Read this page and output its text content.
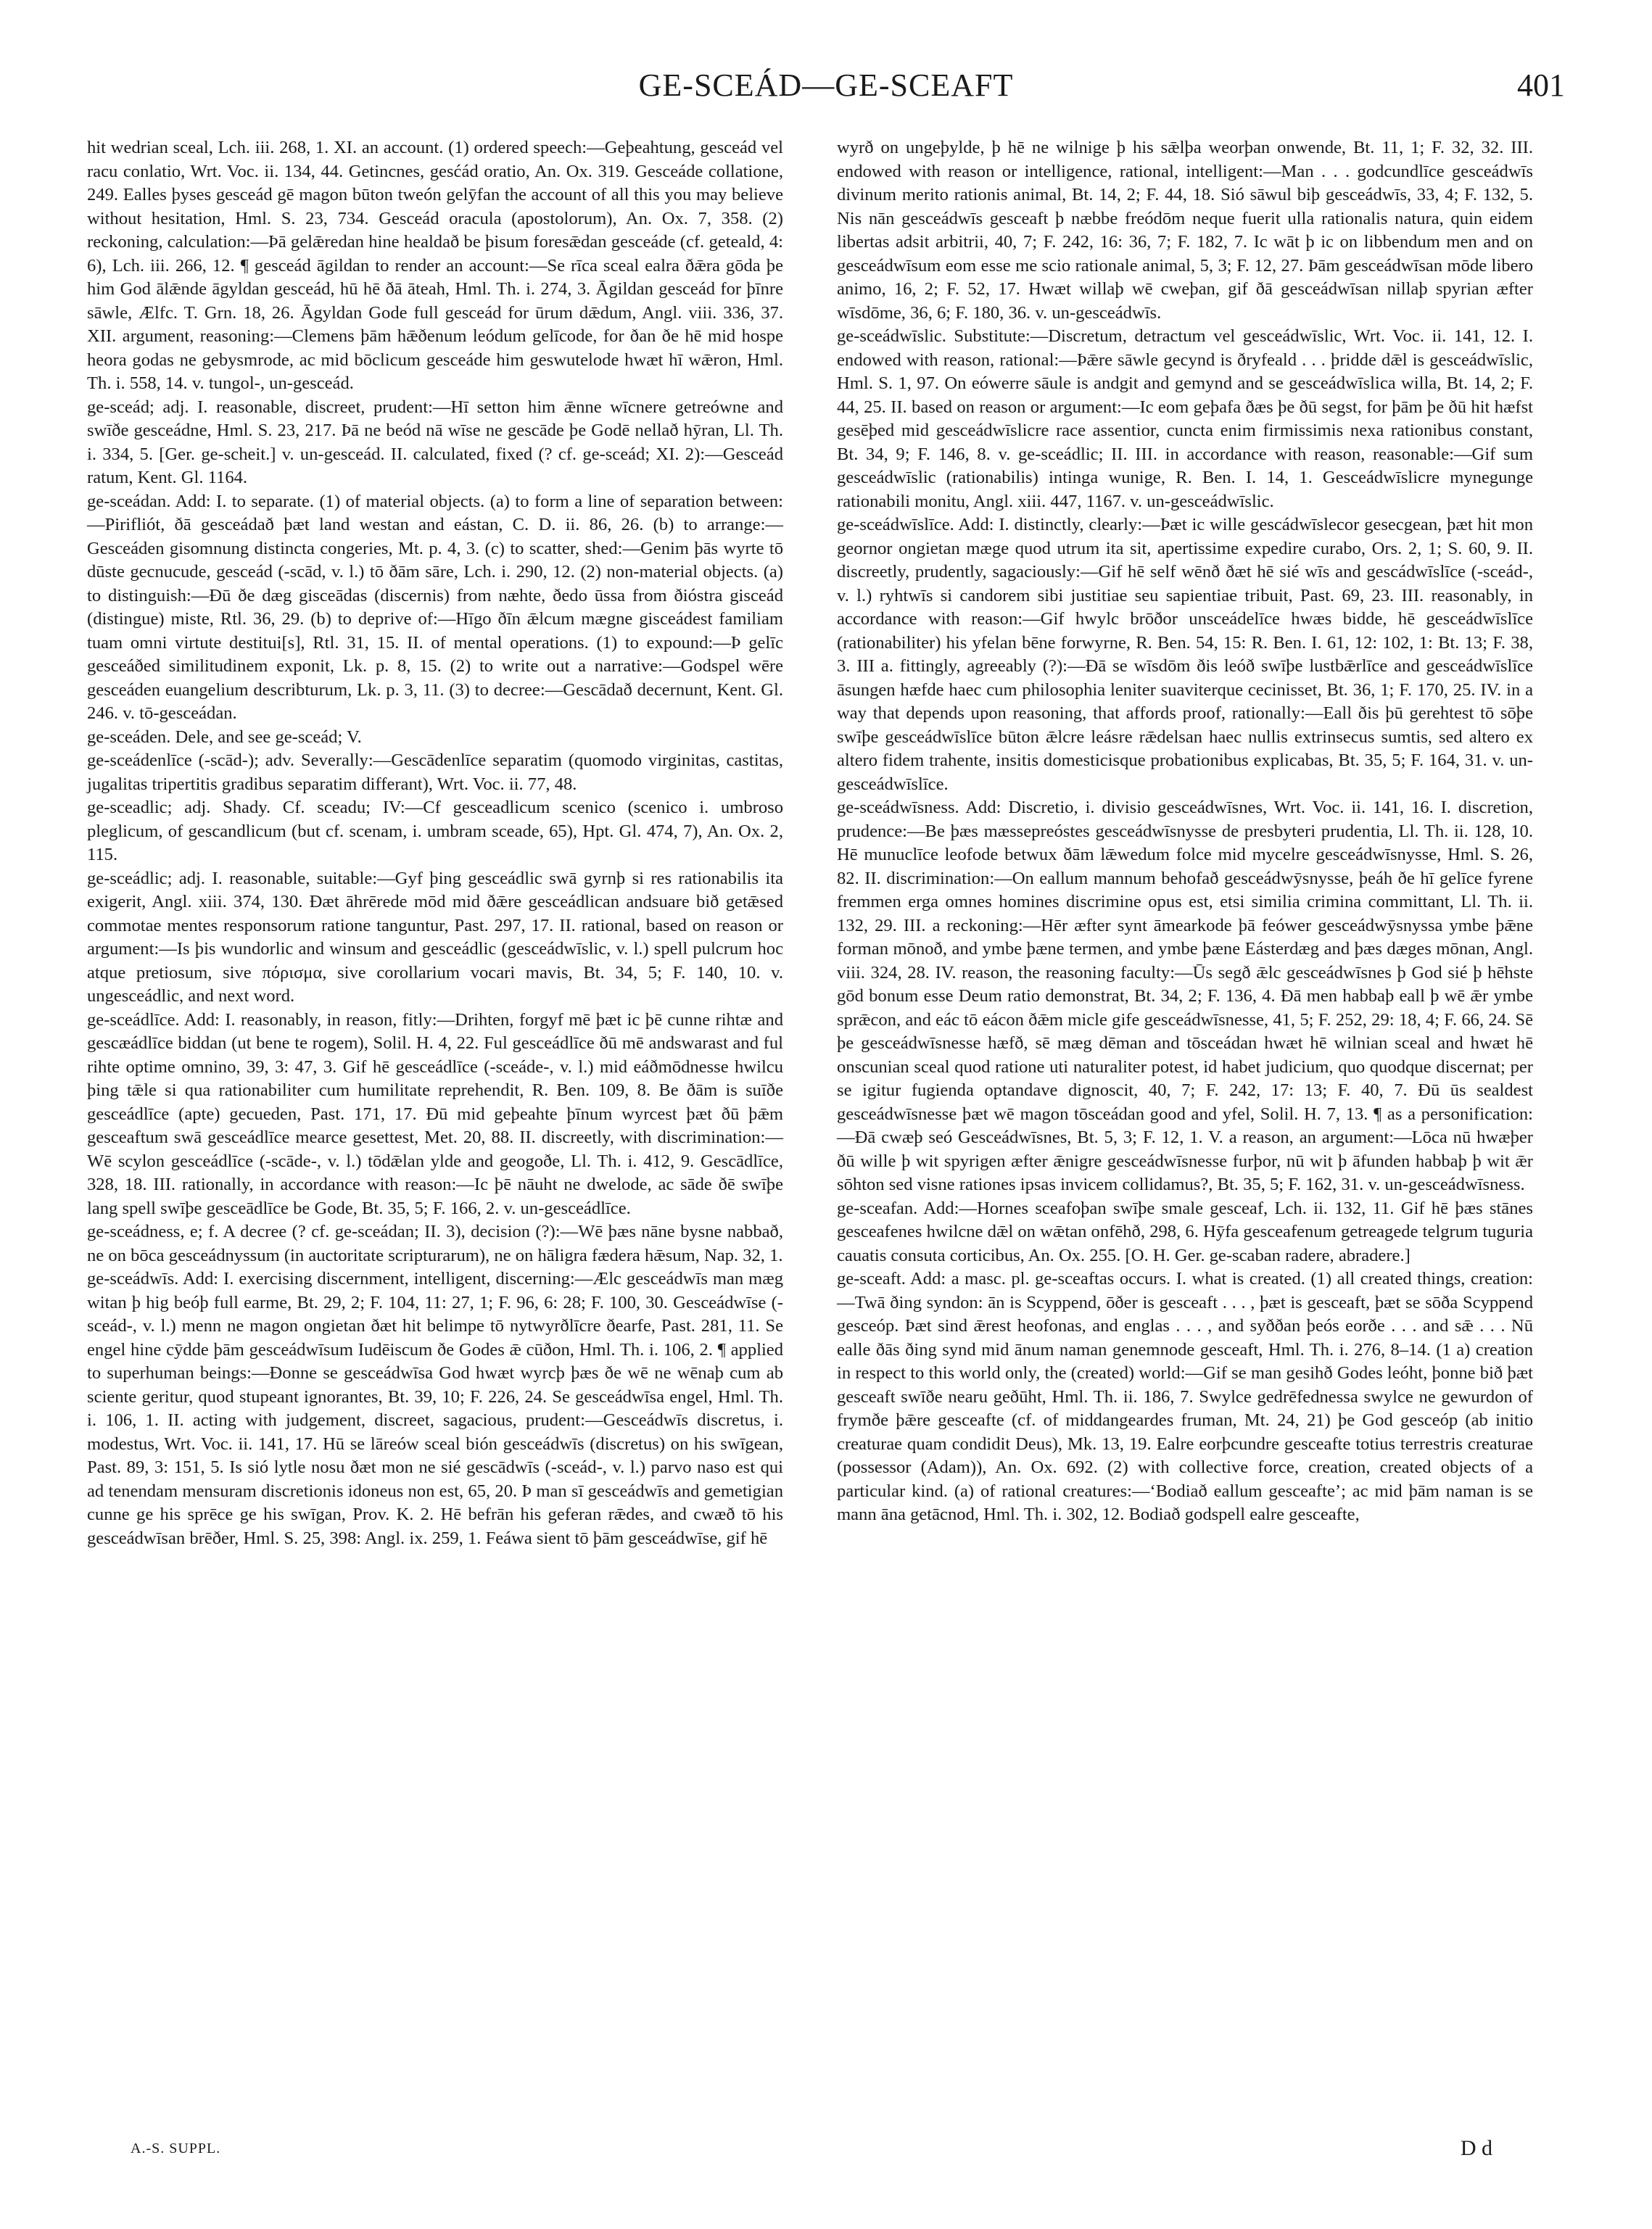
GE-SCEÁD—GE-SCEAFT	401

hit wedrian sceal, Lch. iii. 268, 1. XI. an account. (1) ordered speech:—Geþeahtung, gesceád vel racu conlatio, Wrt. Voc. ii. 134, 44. Getincnes, gesćád oratio, An. Ox. 319. Gesceáde collatione, 249. Ealles þyses gesceád gē magon būton tweón gelȳfan the account of all this you may believe without hesitation, Hml. S. 23, 734. Gesceád oracula (apostolorum), An. Ox. 7, 358. (2) reckoning, calculation:—Þā gelǣredan hine healdað be þisum foresǣdan gesceáde (cf. geteald, 4: 6), Lch. iii. 266, 12. ¶ gesceád āgildan to render an account:—Se rīca sceal ealra ðǣra gōda þe him God ālǣnde āgyldan gesceád, hū hē ðā āteah, Hml. Th. i. 274, 3. Āgildan gesceád for þīnre sāwle, Ælfc. T. Grn. 18, 26. Āgyldan Gode full gesceád for ūrum dǣdum, Angl. viii. 336, 37. XII. argument, reasoning:—Clemens þām hǣðenum leódum gelīcode, for ðan ðe hē mid hospe heora godas ne gebysmrode, ac mid bōclicum gesceáde him geswutelode hwæt hī wǣron, Hml. Th. i. 558, 14. v. tungol-, un-gesceád.

ge-sceád; adj. I. reasonable, discreet, prudent:—Hī setton him ǣnne wīcnere getreówne and swīðe gesceádne, Hml. S. 23, 217. Þā ne beód nā wīse ne gescāde þe Godē nellað hȳran, Ll. Th. i. 334, 5. [Ger. ge-scheit.] v. un-gesceád. II. calculated, fixed (? cf. ge-sceád; XI. 2):—Gesceád ratum, Kent. Gl. 1164.

ge-sceádan. Add: I. to separate. (1) of material objects. (a) to form a line of separation between:—Pirifliót, ðā gesceádað þæt land westan and eástan, C. D. ii. 86, 26. (b) to arrange:—Gesceáden gisomnung distincta congeries, Mt. p. 4, 3. (c) to scatter, shed:—Genim þās wyrte tō dūste gecnucude, gesceád (-scād, v. l.) tō ðām sāre, Lch. i. 290, 12. (2) non-material objects. (a) to distinguish:—Ðū ðe dæg gisceādas (discernis) from næhte, ðedo ūssa from ðióstra gisceád (distingue) miste, Rtl. 36, 29. (b) to deprive of:—Hīgo ðīn ǣlcum mægne gisceádest familiam tuam omni virtute destitui[s], Rtl. 31, 15. II. of mental operations. (1) to expound:—Þ gelīc gesceáðed similitudinem exponit, Lk. p. 8, 15. (2) to write out a narrative:—Godspel wēre gesceáden euangelium describturum, Lk. p. 3, 11. (3) to decree:—Gescādað decernunt, Kent. Gl. 246. v. tō-gesceádan.

ge-sceáden. Dele, and see ge-sceád; V.

ge-sceádenlīce (-scād-); adv. Severally:—Gescādenlīce separatim (quomodo virginitas, castitas, jugalitas tripertitis gradibus separatim differant), Wrt. Voc. ii. 77, 48.

ge-sceadlic; adj. Shady. Cf. sceadu; IV:—Cf gesceadlicum scenico (scenico i. umbroso pleglicum, of gescandlicum (but cf. scenam, i. umbram sceade, 65), Hpt. Gl. 474, 7), An. Ox. 2, 115.

ge-sceádlic; adj. I. reasonable, suitable:—Gyf þing gesceádlic swā gyrnþ si res rationabilis ita exigerit, Angl. xiii. 374, 130. Ðæt āhrērede mōd mid ðǣre gesceádlican andsuare bið getǣsed commotae mentes responsorum ratione tanguntur, Past. 297, 17. II. rational, based on reason or argument:—Is þis wundorlic and winsum and gesceádlic (gesceádwīslic, v. l.) spell pulcrum hoc atque pretiosum, sive πόρισμα, sive corollarium vocari mavis, Bt. 34, 5; F. 140, 10. v. ungesceádlic, and next word.

ge-sceádlīce. Add: I. reasonably, in reason, fitly:—Drihten, forgyf mē þæt ic þē cunne rihtæ and gescæádlīce biddan (ut bene te rogem), Solil. H. 4, 22. Ful gesceádlīce ðū mē andswarast and ful rihte optime omnino, 39, 3: 47, 3. Gif hē gesceádlīce (-sceáde-, v. l.) mid eáðmōdnesse hwilcu þing tǣle si qua rationabiliter cum humilitate reprehendit, R. Ben. 109, 8. Be ðām is suīðe gesceádlīce (apte) gecueden, Past. 171, 17. Ðū mid geþeahte þīnum wyrcest þæt ðū þǣm gesceaftum swā gesceádlīce mearce gesettest, Met. 20, 88. II. discreetly, with discrimination:—Wē scylon gesceádlīce (-scāde-, v. l.) tōdǣlan ylde and geogoðe, Ll. Th. i. 412, 9. Gescādlīce, 328, 18. III. rationally, in accordance with reason:—Ic þē nāuht ne dwelode, ac sāde ðē swīþe lang spell swīþe gesceādlīce be Gode, Bt. 35, 5; F. 166, 2. v. un-gesceádlīce.

ge-sceádness, e; f. A decree (? cf. ge-sceádan; II. 3), decision (?):—Wē þæs nāne bysne nabbað, ne on bōca gesceádnyssum (in auctoritate scripturarum), ne on hāligra fædera hǣsum, Nap. 32, 1.

ge-sceádwīs. Add: I. exercising discernment, intelligent, discerning:—Ælc gesceádwīs man mæg witan þ hig beóþ full earme, Bt. 29, 2; F. 104, 11: 27, 1; F. 96, 6: 28; F. 100, 30. Gesceádwīse (-sceád-, v. l.) menn ne magon ongietan ðæt hit belimpe tō nytwyrðlīcre ðearfe, Past. 281, 11. Se engel hine cȳdde þām gesceádwīsum Iudēiscum ðe Godes ǣ cūðon, Hml. Th. i. 106, 2. ¶ applied to superhuman beings:—Ðonne se gesceádwīsa God hwæt wyrcþ þæs ðe wē ne wēnaþ cum ab sciente geritur, quod stupeant ignorantes, Bt. 39, 10; F. 226, 24. Se gesceádwīsa engel, Hml. Th. i. 106, 1. II. acting with judgement, discreet, sagacious, prudent:—Gesceádwīs discretus, i. modestus, Wrt. Voc. ii. 141, 17. Hū se lāreów sceal bión gesceádwīs (discretus) on his swīgean, Past. 89, 3: 151, 5. Is sió lytle nosu ðæt mon ne sié gescādwīs (-sceád-, v. l.) parvo naso est qui ad tenendam mensuram discretionis idoneus non est, 65, 20. Þ man sī gesceádwīs and gemetigian cunne ge his sprēce ge his swīgan, Prov. K. 2. Hē befrān his geferan rǣdes, and cwæð tō his gesceádwīsan brēðer, Hml. S. 25, 398: Angl. ix. 259, 1. Feáwa sient tō þām gesceádwīse, gif hē

wyrð on ungeþylde, þ hē ne wilnige þ his sǣlþa weorþan onwende, Bt. 11, 1; F. 32, 32. III. endowed with reason or intelligence, rational, intelligent:—Man . . . godcundlīce gesceádwīs divinum merito rationis animal, Bt. 14, 2; F. 44, 18. Sió sāwul biþ gesceádwīs, 33, 4; F. 132, 5. Nis nān gesceádwīs gesceaft þ næbbe freódōm neque fuerit ulla rationalis natura, quin eidem libertas adsit arbitrii, 40, 7; F. 242, 16: 36, 7; F. 182, 7. Ic wāt þ ic on libbendum men and on gesceádwīsum eom esse me scio rationale animal, 5, 3; F. 12, 27. Þām gesceádwīsan mōde libero animo, 16, 2; F. 52, 17. Hwæt willaþ wē cweþan, gif ðā gesceádwīsan nillaþ spyrian æfter wīsdōme, 36, 6; F. 180, 36. v. un-gesceádwīs.

ge-sceádwīslic. Substitute:—Discretum, detractum vel gesceádwīslic, Wrt. Voc. ii. 141, 12. I. endowed with reason, rational:—Þǣre sāwle gecynd is ðryfeald . . . þridde dǣl is gesceádwīslic, Hml. S. 1, 97. On eówerre sāule is andgit and gemynd and se gesceádwīslica willa, Bt. 14, 2; F. 44, 25. II. based on reason or argument:—Ic eom geþafa ðæs þe ðū segst, for þām þe ðū hit hæfst gesēþed mid gesceádwīslicre race assentior, cuncta enim firmissimis nexa rationibus constant, Bt. 34, 9; F. 146, 8. v. ge-sceádlic; II. III. in accordance with reason, reasonable:—Gif sum gesceádwīslic (rationabilis) intinga wunige, R. Ben. I. 14, 1. Gesceádwīslicre mynegunge rationabili monitu, Angl. xiii. 447, 1167. v. un-gesceádwīslic.

ge-sceádwīslīce. Add: I. distinctly, clearly:—Þæt ic wille gescádwīslecor gesecgean, þæt hit mon geornor ongietan mæge quod utrum ita sit, apertissime expedire curabo, Ors. 2, 1; S. 60, 9. II. discreetly, prudently, sagaciously:—Gif hē self wēnð ðæt hē sié wīs and gescádwīslīce (-sceád-, v. l.) ryhtwīs si candorem sibi justitiae seu sapientiae tribuit, Past. 69, 23. III. reasonably, in accordance with reason:—Gif hwylc brōðor unsceádelīce hwæs bidde, hē gesceádwīslīce (rationabiliter) his yfelan bēne forwyrne, R. Ben. 54, 15: R. Ben. I. 61, 12: 102, 1: Bt. 13; F. 38, 3. III a. fittingly, agreeably (?):—Ðā se wīsdōm ðis leóð swīþe lustbǣrlīce and gesceádwīslīce āsungen hæfde haec cum philosophia leniter suaviterque cecinisset, Bt. 36, 1; F. 170, 25. IV. in a way that depends upon reasoning, that affords proof, rationally:—Eall ðis þū gerehtest tō sōþe swīþe gesceádwīslīce būton ǣlcre leásre rǣdelsan haec nullis extrinsecus sumtis, sed altero ex altero fidem trahente, insitis domesticisque probationibus explicabas, Bt. 35, 5; F. 164, 31. v. un-gesceádwīslīce.

ge-sceádwīsness. Add: Discretio, i. divisio gesceádwīsnes, Wrt. Voc. ii. 141, 16. I. discretion, prudence:—Be þæs mæssepreóstes gesceádwīsnysse de presbyteri prudentia, Ll. Th. ii. 128, 10. Hē munuclīce leofode betwux ðām lǣwedum folce mid mycelre gesceádwīsnysse, Hml. S. 26, 82. II. discrimination:—On eallum mannum behofað gesceádwȳsnysse, þeáh ðe hī gelīce fyrene fremmen erga omnes homines discrimine opus est, etsi similia crimina committant, Ll. Th. ii. 132, 29. III. a reckoning:—Hēr æfter synt āmearkode þā feówer gesceádwȳsnyssa ymbe þǣne forman mōnoð, and ymbe þæne termen, and ymbe þæne Eásterdæg and þæs dæges mōnan, Angl. viii. 324, 28. IV. reason, the reasoning faculty:—Ūs segð ǣlc gesceádwīsnes þ God sié þ hēhste gōd bonum esse Deum ratio demonstrat, Bt. 34, 2; F. 136, 4. Ðā men habbaþ eall þ wē ǣr ymbe sprǣcon, and eác tō eácon ðǣm micle gife gesceádwīsnesse, 41, 5; F. 252, 29: 18, 4; F. 66, 24. Sē þe gesceádwīsnesse hæfð, sē mæg dēman and tōsceádan hwæt hē wilnian sceal and hwæt hē onscunian sceal quod ratione uti naturaliter potest, id habet judicium, quo quodque discernat; per se igitur fugienda optandave dignoscit, 40, 7; F. 242, 17: 13; F. 40, 7. Ðū ūs sealdest gesceádwīsnesse þæt wē magon tōsceádan good and yfel, Solil. H. 7, 13. ¶ as a personification:—Ðā cwæþ seó Gesceádwīsnes, Bt. 5, 3; F. 12, 1. V. a reason, an argument:—Lōca nū hwæþer ðū wille þ wit spyrigen æfter ǣnigre gesceádwīsnesse furþor, nū wit þ āfunden habbaþ þ wit ǣr sōhton sed visne rationes ipsas invicem collidamus?, Bt. 35, 5; F. 162, 31. v. un-gesceádwīsness.

ge-sceafan. Add:—Hornes sceafoþan swīþe smale gesceaf, Lch. ii. 132, 11. Gif hē þæs stānes gesceafenes hwilcne dǣl on wǣtan onfēhð, 298, 6. Hȳfa gesceafenum getreagede telgrum tuguria cauatis consuta corticibus, An. Ox. 255. [O. H. Ger. ge-scaban radere, abradere.]

ge-sceaft. Add: a masc. pl. ge-sceaftas occurs. I. what is created. (1) all created things, creation:—Twā ðing syndon: ān is Scyppend, ōðer is gesceaft . . . , þæt is gesceaft, þæt se sōða Scyppend gesceóp. Þæt sind ǣrest heofonas, and englas . . . , and syððan þeós eorðe . . . and sǣ . . . Nū ealle ðās ðing synd mid ānum naman genemnode gesceaft, Hml. Th. i. 276, 8–14. (1 a) creation in respect to this world only, the (created) world:—Gif se man gesihð Godes leóht, þonne bið þæt gesceaft swīðe nearu geðūht, Hml. Th. ii. 186, 7. Swylce gedrēfednessa swylce ne gewurdon of frymðe þǣre gesceafte (cf. of middangeardes fruman, Mt. 24, 21) þe God gesceóp (ab initio creaturae quam condidit Deus), Mk. 13, 19. Ealre eorþcundre gesceafte totius terrestris creaturae (possessor (Adam)), An. Ox. 692. (2) with collective force, creation, created objects of a particular kind. (a) of rational creatures:—‘Bodiað eallum gesceafte’; ac mid þām naman is se mann āna getācnod, Hml. Th. i. 302, 12. Bodiað godspell ealre gesceafte,

A.-S. SUPPL.	D d
